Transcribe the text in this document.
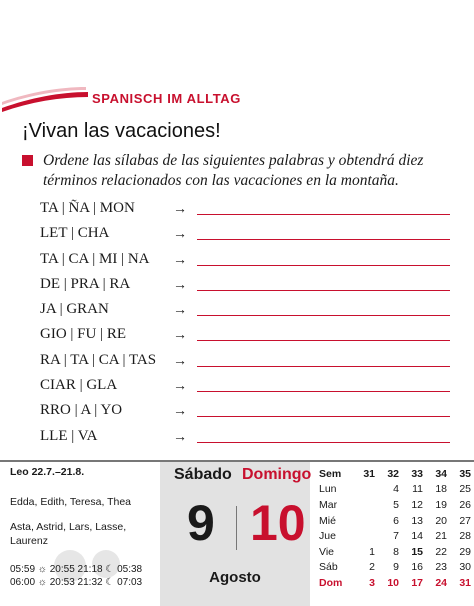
SPANISCH IM ALLTAG
¡Vivan las vacaciones!
Ordene las sílabas de las siguientes palabras y obtendrá diez términos relacionados con las vacaciones en la montaña.
TA | ÑA | MON	→
LET | CHA	→
TA | CA | MI | NA →
DE | PRA | RA	→
JA | GRAN	→
GIO | FU | RE	→
RA | TA | CA | TAS →
CIAR | GLA	→
RRO | A | YO	→
LLE | VA	→
Leo 22.7.–21.8.
Edda, Edith, Teresa, Thea
Asta, Astrid, Lars, Lasse, Laurenz
05:59 ☼ 20:55 21:18 ☾ 05:38
06:00 ☼ 20:53 21:32 ☾ 07:03
Sábado Domingo
9 10
Agosto
Sem	31	32	33	34	35
Lun		4	11	18	25
Mar		5	12	19	26
Mié		6	13	20	27
Jue		7	14	21	28
Vie	1	8	15	22	29
Sáb	2	9	16	23	30
Dom	3	10	17	24	31
